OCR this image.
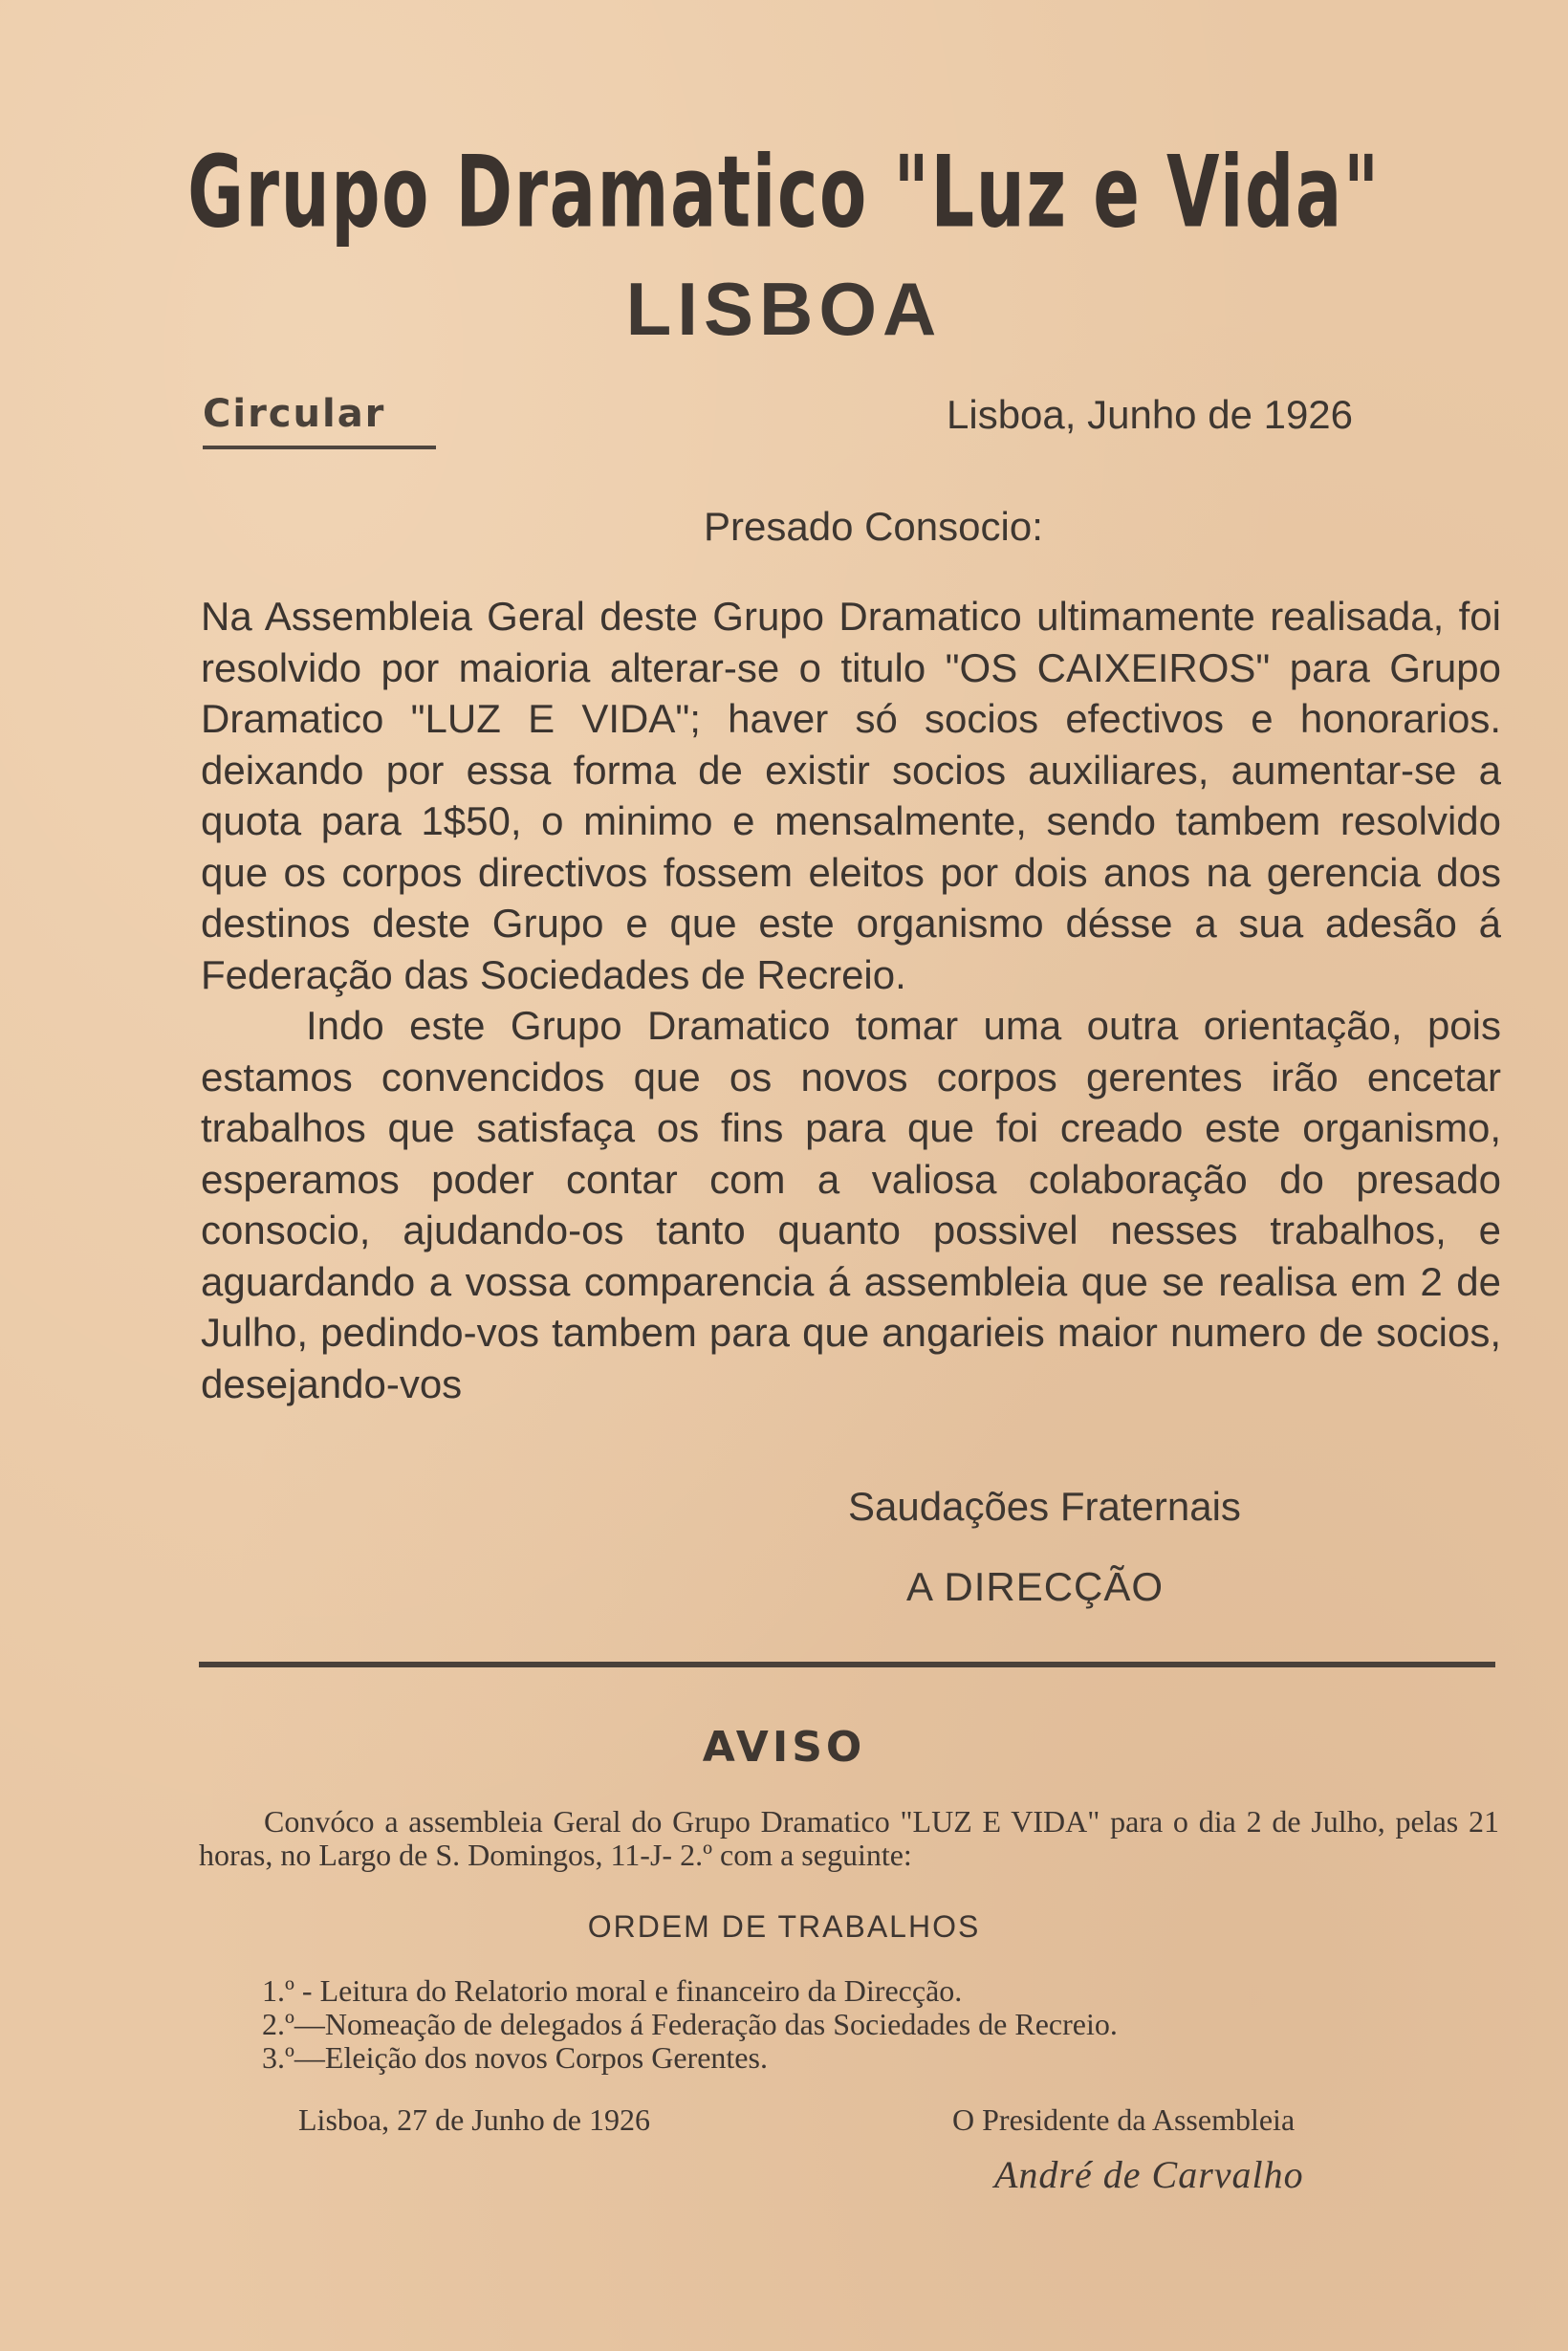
Grupo Dramatico "Luz e Vida"
LISBOA
Circular	Lisboa, Junho de 1926
Presado Consocio:

Na Assembleia Geral deste Grupo Dramatico ultimamente realisada, foi resolvido por maioria alterar-se o titulo "OS CAIXEIROS" para Grupo Dramatico "LUZ E VIDA"; haver só socios efectivos e honorarios. deixando por essa forma de existir socios auxiliares, aumentar-se a quota para 1$50, o minimo e mensalmente, sendo tambem resolvido que os corpos directivos fossem eleitos por dois anos na gerencia dos destinos deste Grupo e que este organismo désse a sua adesão á Federação das Sociedades de Recreio.

Indo este Grupo Dramatico tomar uma outra orientação, pois estamos convencidos que os novos corpos gerentes irão encetar trabalhos que satisfaça os fins para que foi creado este organismo, esperamos poder contar com a valiosa colaboração do presado consocio, ajudando-os tanto quanto possivel nesses trabalhos, e aguardando a vossa comparencia á assembleia que se realisa em 2 de Julho, pedindo-vos tambem para que angarieis maior numero de socios, desejando-vos

Saudações Fraternais
A DIRECÇÃO
AVISO

Convóco a assembleia Geral do Grupo Dramatico "LUZ E VIDA" para o dia 2 de Julho, pelas 21 horas, no Largo de S. Domingos, 11-J- 2.º com a seguinte:

ORDEM DE TRABALHOS
1.º - Leitura do Relatorio moral e financeiro da Direcção.
2.º—Nomeação de delegados á Federação das Sociedades de Recreio.
3.º—Eleição dos novos Corpos Gerentes.
Lisboa, 27 de Junho de 1926	O Presidente da Assembleia
André de Carvalho
